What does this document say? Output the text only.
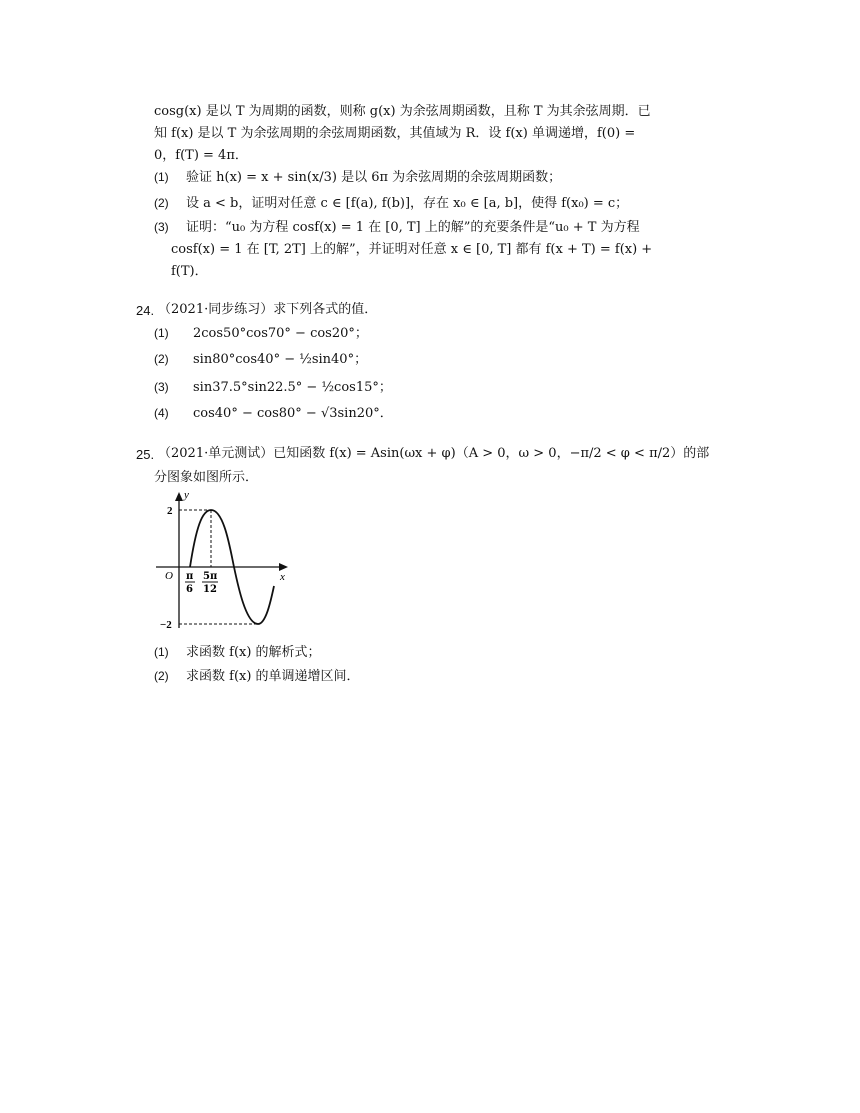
cosg(x) 是以 T 为周期的函数，则称 g(x) 为余弦周期函数，且称 T 为其余弦周期．已
知 f(x) 是以 T 为余弦周期的余弦周期函数，其值域为 R．设 f(x) 单调递增，f(0) =
0，f(T) = 4π．
(1) 验证 h(x) = x + sin(x/3) 是以 6π 为余弦周期的余弦周期函数；
(2) 设 a < b，证明对任意 c ∈ [f(a), f(b)]，存在 x₀ ∈ [a, b]，使得 f(x₀) = c；
(3) 证明：“u₀ 为方程 cosf(x) = 1 在 [0, T] 上的解”的充要条件是“u₀ + T 为方程
cosf(x) = 1 在 [T, 2T] 上的解”，并证明对任意 x ∈ [0, T] 都有 f(x + T) = f(x) +
f(T)．
24. （2021·同步练习）求下列各式的值．
(1) 2cos50°cos70° − cos20°；
(2) sin80°cos40° − ½sin40°；
(3) sin37.5°sin22.5° − ½cos15°；
(4) cos40° − cos80° − √3sin20°．
25. （2021·单元测试）已知函数 f(x) = Asin(ωx + φ)（A > 0，ω > 0，−π/2 < φ < π/2）的部
分图象如图所示．
y
x
O
2
−2
π
6
5π
12
(1) 求函数 f(x) 的解析式；
(2) 求函数 f(x) 的单调递增区间．
